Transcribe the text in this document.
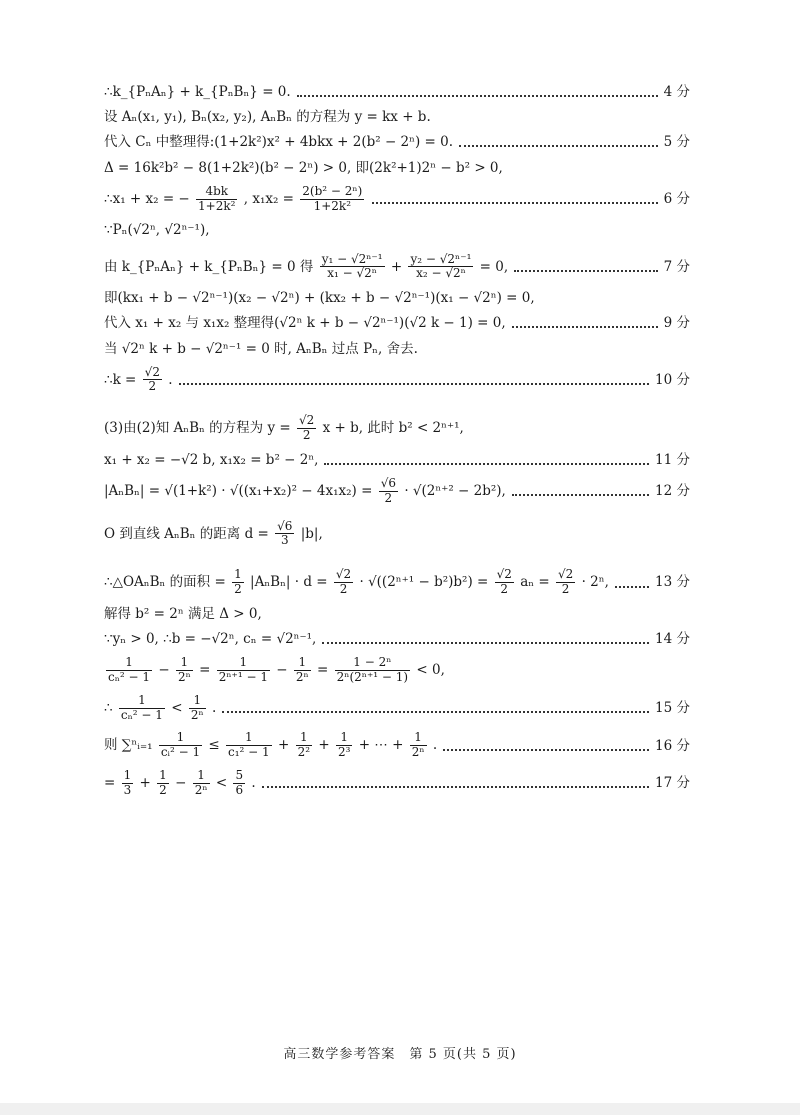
∴k_{PₙAₙ} + k_{PₙBₙ} = 0.	4 分
设 Aₙ(x₁, y₁), Bₙ(x₂, y₂), AₙBₙ 的方程为 y = kx + b.
代入 Cₙ 中整理得:(1+2k²)x² + 4bkx + 2(b² − 2ⁿ) = 0.	5 分
Δ = 16k²b² − 8(1+2k²)(b² − 2ⁿ) > 0, 即(2k²+1)2ⁿ − b² > 0,
∴x₁ + x₂ = − $\frac{4bk}{\text{1+2k²}}$ , $x_1x_2 = \frac{\text{2(b² − 2ⁿ)}}{\text{1+2k²}}$	6 分
∵Pₙ(√2ⁿ, √2ⁿ⁻¹),
由 k_{PₙAₙ} + k_{PₙBₙ} = 0 得 $\frac{\text{y₁ − √2ⁿ⁻¹}}{\text{x₁ − √2ⁿ}} + \frac{\text{y₂ − √2ⁿ⁻¹}}{\text{x₂ − √2ⁿ}} = 0$,	7 分
即(kx₁ + b − √2ⁿ⁻¹)(x₂ − √2ⁿ) + (kx₂ + b − √2ⁿ⁻¹)(x₁ − √2ⁿ) = 0,
代入 x₁ + x₂ 与 x₁x₂ 整理得(√2ⁿ k + b − √2ⁿ⁻¹)(√2 k − 1) = 0,	9 分
当 √2ⁿ k + b − √2ⁿ⁻¹ = 0 时, AₙBₙ 过点 Pₙ, 舍去.
∴k = $\frac{√2}{2}$ .	10 分
(3)由(2)知 AₙBₙ 的方程为 $y = \frac{√2}{2}$ x + b, 此时 b² < 2ⁿ⁺¹,
x₁ + x₂ = −√2 b, x₁x₂ = b² − 2ⁿ,	11 分
$|A_nB_n| = √(1+k^2) \cdot √((x_1+x_2)^2 - 4x_1x_2) = \frac{√6}{2} \cdot √(2^{n+2} - 2b^2)$,	12 分
O 到直线 AₙBₙ 的距离 $d = \frac{√6}{3} |b|$,
∴△OAₙBₙ 的面积 = $\frac{1}{2} |A_nB_n| \cdot d = \frac{√2}{2} \cdot √((2^{n+1} - b^2)b^2) = \frac{√2}{2}$ $a_n = \frac{√2}{2} \cdot 2^n$,	13 分
解得 b² = 2ⁿ 满足 Δ > 0,
∵yₙ > 0, ∴b = −√2ⁿ, cₙ = √2ⁿ⁻¹,	14 分
$\frac{1}{\text{cₙ² − 1}} - \frac{1}{\text{2ⁿ}} = \frac{1}{\text{2ⁿ⁺¹ − 1}} - \frac{1}{\text{2ⁿ}} = \frac{\text{1 − 2ⁿ}}{\text{2ⁿ(2ⁿ⁺¹ − 1)}} < 0$,
∴ $\frac{1}{\text{cₙ² − 1}} < \frac{1}{\text{2ⁿ}}$ .	15 分
则 ∑ⁿᵢ₌₁ $\frac{1}{\text{cᵢ² − 1}} \le \frac{1}{\text{c₁² − 1}} + \frac{1}{\text{2²}} + \frac{1}{\text{2³}}$ + ⋯ + $\frac{1}{\text{2ⁿ}}$ .	16 分
= $\frac{1}{3} + \frac{1}{2} - \frac{1}{\text{2ⁿ}} < \frac{5}{6}$ .	17 分
高三数学参考答案　第 5 页(共 5 页)
